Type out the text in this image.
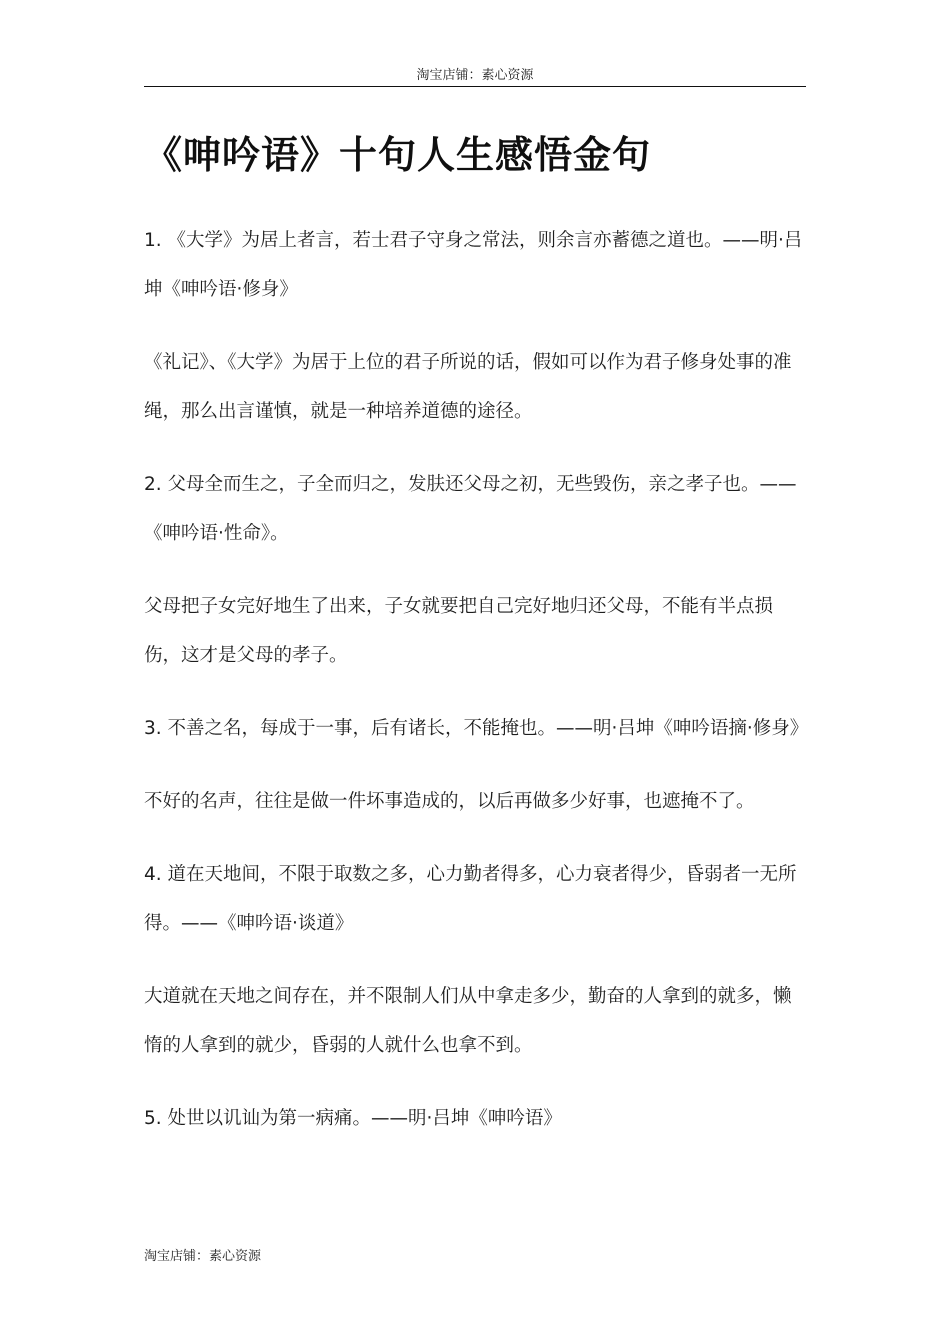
淘宝店铺：素心资源
《呻吟语》十句人生感悟金句

1. 《大学》为居上者言，若士君子守身之常法，则余言亦蓄德之道也。——明·吕坤《呻吟语·修身》

《礼记》、《大学》为居于上位的君子所说的话，假如可以作为君子修身处事的准绳，那么出言谨慎，就是一种培养道德的途径。

2. 父母全而生之，子全而归之，发肤还父母之初，无些毁伤，亲之孝子也。——《呻吟语·性命》。

父母把子女完好地生了出来，子女就要把自己完好地归还父母，不能有半点损伤，这才是父母的孝子。

3. 不善之名，每成于一事，后有诸长，不能掩也。——明·吕坤《呻吟语摘·修身》

不好的名声，往往是做一件坏事造成的，以后再做多少好事，也遮掩不了。

4. 道在天地间，不限于取数之多，心力勤者得多，心力衰者得少，昏弱者一无所得。——《呻吟语·谈道》

大道就在天地之间存在，并不限制人们从中拿走多少，勤奋的人拿到的就多，懒惰的人拿到的就少，昏弱的人就什么也拿不到。

5. 处世以讥讪为第一病痛。——明·吕坤《呻吟语》

淘宝店铺：素心资源
